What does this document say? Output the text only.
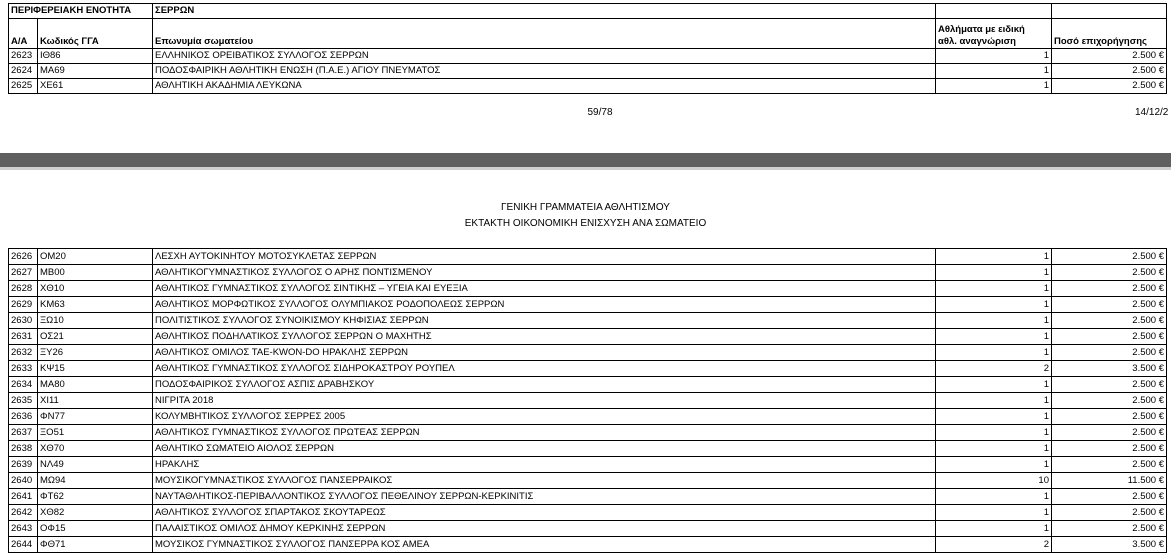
ΠΕΡΙΦΕΡΕΙΑΚΗ ΕΝΟΤΗΤΑ		ΣΕΡΡΩΝ		
Α/Α	Κωδικός ΓΓΑ	Επωνυμία σωματείου	Αθλήματα με ειδική
αθλ. αναγνώριση	Ποσό επιχορήγησης
2623	ΙΘ86	ΕΛΛΗΝΙΚΟΣ ΟΡΕΙΒΑΤΙΚΟΣ ΣΥΛΛΟΓΟΣ ΣΕΡΡΩΝ	1	2.500 €
2624	ΜΑ69	ΠΟΔΟΣΦΑΙΡΙΚΗ ΑΘΛΗΤΙΚΗ ΕΝΩΣΗ (Π.Α.Ε.) ΑΓΙΟΥ ΠΝΕΥΜΑΤΟΣ	1	2.500 €
2625	ΧΕ61	ΑΘΛΗΤΙΚΗ ΑΚΑΔΗΜΙΑ ΛΕΥΚΩΝΑ	1	2.500 €
59/78	14/12/2
ΓΕΝΙΚΗ ΓΡΑΜΜΑΤΕΙΑ ΑΘΛΗΤΙΣΜΟΥ
ΕΚΤΑΚΤΗ ΟΙΚΟΝΟΜΙΚΗ ΕΝΙΣΧΥΣΗ ΑΝΑ ΣΩΜΑΤΕΙΟ
2626	ΟΜ20	ΛΕΣΧΗ ΑΥΤΟΚΙΝΗΤΟΥ ΜΟΤΟΣΥΚΛΕΤΑΣ ΣΕΡΡΩΝ	1	2.500 €
2627	ΜΒ00	ΑΘΛΗΤΙΚΟΓΥΜΝΑΣΤΙΚΟΣ ΣΥΛΛΟΓΟΣ Ο ΑΡΗΣ ΠΟΝΤΙΣΜΕΝΟΥ	1	2.500 €
2628	ΧΘ10	ΑΘΛΗΤΙΚΟΣ ΓΥΜΝΑΣΤΙΚΟΣ ΣΥΛΛΟΓΟΣ ΣΙΝΤΙΚΗΣ – ΥΓΕΙΑ ΚΑΙ ΕΥΕΞΙΑ	1	2.500 €
2629	ΚΜ63	ΑΘΛΗΤΙΚΟΣ ΜΟΡΦΩΤΙΚΟΣ ΣΥΛΛΟΓΟΣ ΟΛΥΜΠΙΑΚΟΣ ΡΟΔΟΠΟΛΕΩΣ ΣΕΡΡΩΝ	1	2.500 €
2630	ΞΩ10	ΠΟΛΙΤΙΣΤΙΚΟΣ ΣΥΛΛΟΓΟΣ ΣΥΝΟΙΚΙΣΜΟΥ ΚΗΦΙΣΙΑΣ ΣΕΡΡΩΝ	1	2.500 €
2631	ΟΣ21	ΑΘΛΗΤΙΚΟΣ ΠΟΔΗΛΑΤΙΚΟΣ ΣΥΛΛΟΓΟΣ ΣΕΡΡΩΝ Ο ΜΑΧΗΤΗΣ	1	2.500 €
2632	ΞΥ26	ΑΘΛΗΤΙΚΟΣ ΟΜΙΛΟΣ ΤΑΕ-KWON-DO ΗΡΑΚΛΗΣ ΣΕΡΡΩΝ	1	2.500 €
2633	ΚΨ15	ΑΘΛΗΤΙΚΟΣ ΓΥΜΝΑΣΤΙΚΟΣ ΣΥΛΛΟΓΟΣ ΣΙΔΗΡΟΚΑΣΤΡΟΥ ΡΟΥΠΕΛ	2	3.500 €
2634	ΜΑ80	ΠΟΔΟΣΦΑΙΡΙΚΟΣ ΣΥΛΛΟΓΟΣ ΑΣΠΙΣ ΔΡΑΒΗΣΚΟΥ	1	2.500 €
2635	ΧΙ11	ΝΙΓΡΙΤΑ 2018	1	2.500 €
2636	ΦΝ77	ΚΟΛΥΜΒΗΤΙΚΟΣ ΣΥΛΛΟΓΟΣ ΣΕΡΡΕΣ 2005	1	2.500 €
2637	ΞΟ51	ΑΘΛΗΤΙΚΟΣ ΓΥΜΝΑΣΤΙΚΟΣ ΣΥΛΛΟΓΟΣ ΠΡΩΤΕΑΣ ΣΕΡΡΩΝ	1	2.500 €
2638	ΧΘ70	ΑΘΛΗΤΙΚΟ ΣΩΜΑΤΕΙΟ ΑΙΟΛΟΣ ΣΕΡΡΩΝ	1	2.500 €
2639	ΝΛ49	ΗΡΑΚΛΗΣ	1	2.500 €
2640	ΜΩ94	ΜΟΥΣΙΚΟΓΥΜΝΑΣΤΙΚΟΣ ΣΥΛΛΟΓΟΣ ΠΑΝΣΕΡΡΑΙΚΟΣ	10	11.500 €
2641	ΦΤ62	ΝΑΥΤΑΘΛΗΤΙΚΟΣ-ΠΕΡΙΒΑΛΛΟΝΤΙΚΟΣ ΣΥΛΛΟΓΟΣ ΠΕΘΕΛΙΝΟΥ ΣΕΡΡΩΝ-ΚΕΡΚΙΝΙΤΙΣ	1	2.500 €
2642	ΧΘ82	ΑΘΛΗΤΙΚΟΣ ΣΥΛΛΟΓΟΣ ΣΠΑΡΤΑΚΟΣ ΣΚΟΥΤΑΡΕΩΣ	1	2.500 €
2643	ΟΦ15	ΠΑΛΑΙΣΤΙΚΟΣ ΟΜΙΛΟΣ ΔΗΜΟΥ ΚΕΡΚΙΝΗΣ ΣΕΡΡΩΝ	1	2.500 €
2644	ΦΘ71	ΜΟΥΣΙΚΟΣ ΓΥΜΝΑΣΤΙΚΟΣ ΣΥΛΛΟΓΟΣ ΠΑΝΣΕΡΡΑ ΚΟΣ ΑΜΕΑ	2	3.500 €
